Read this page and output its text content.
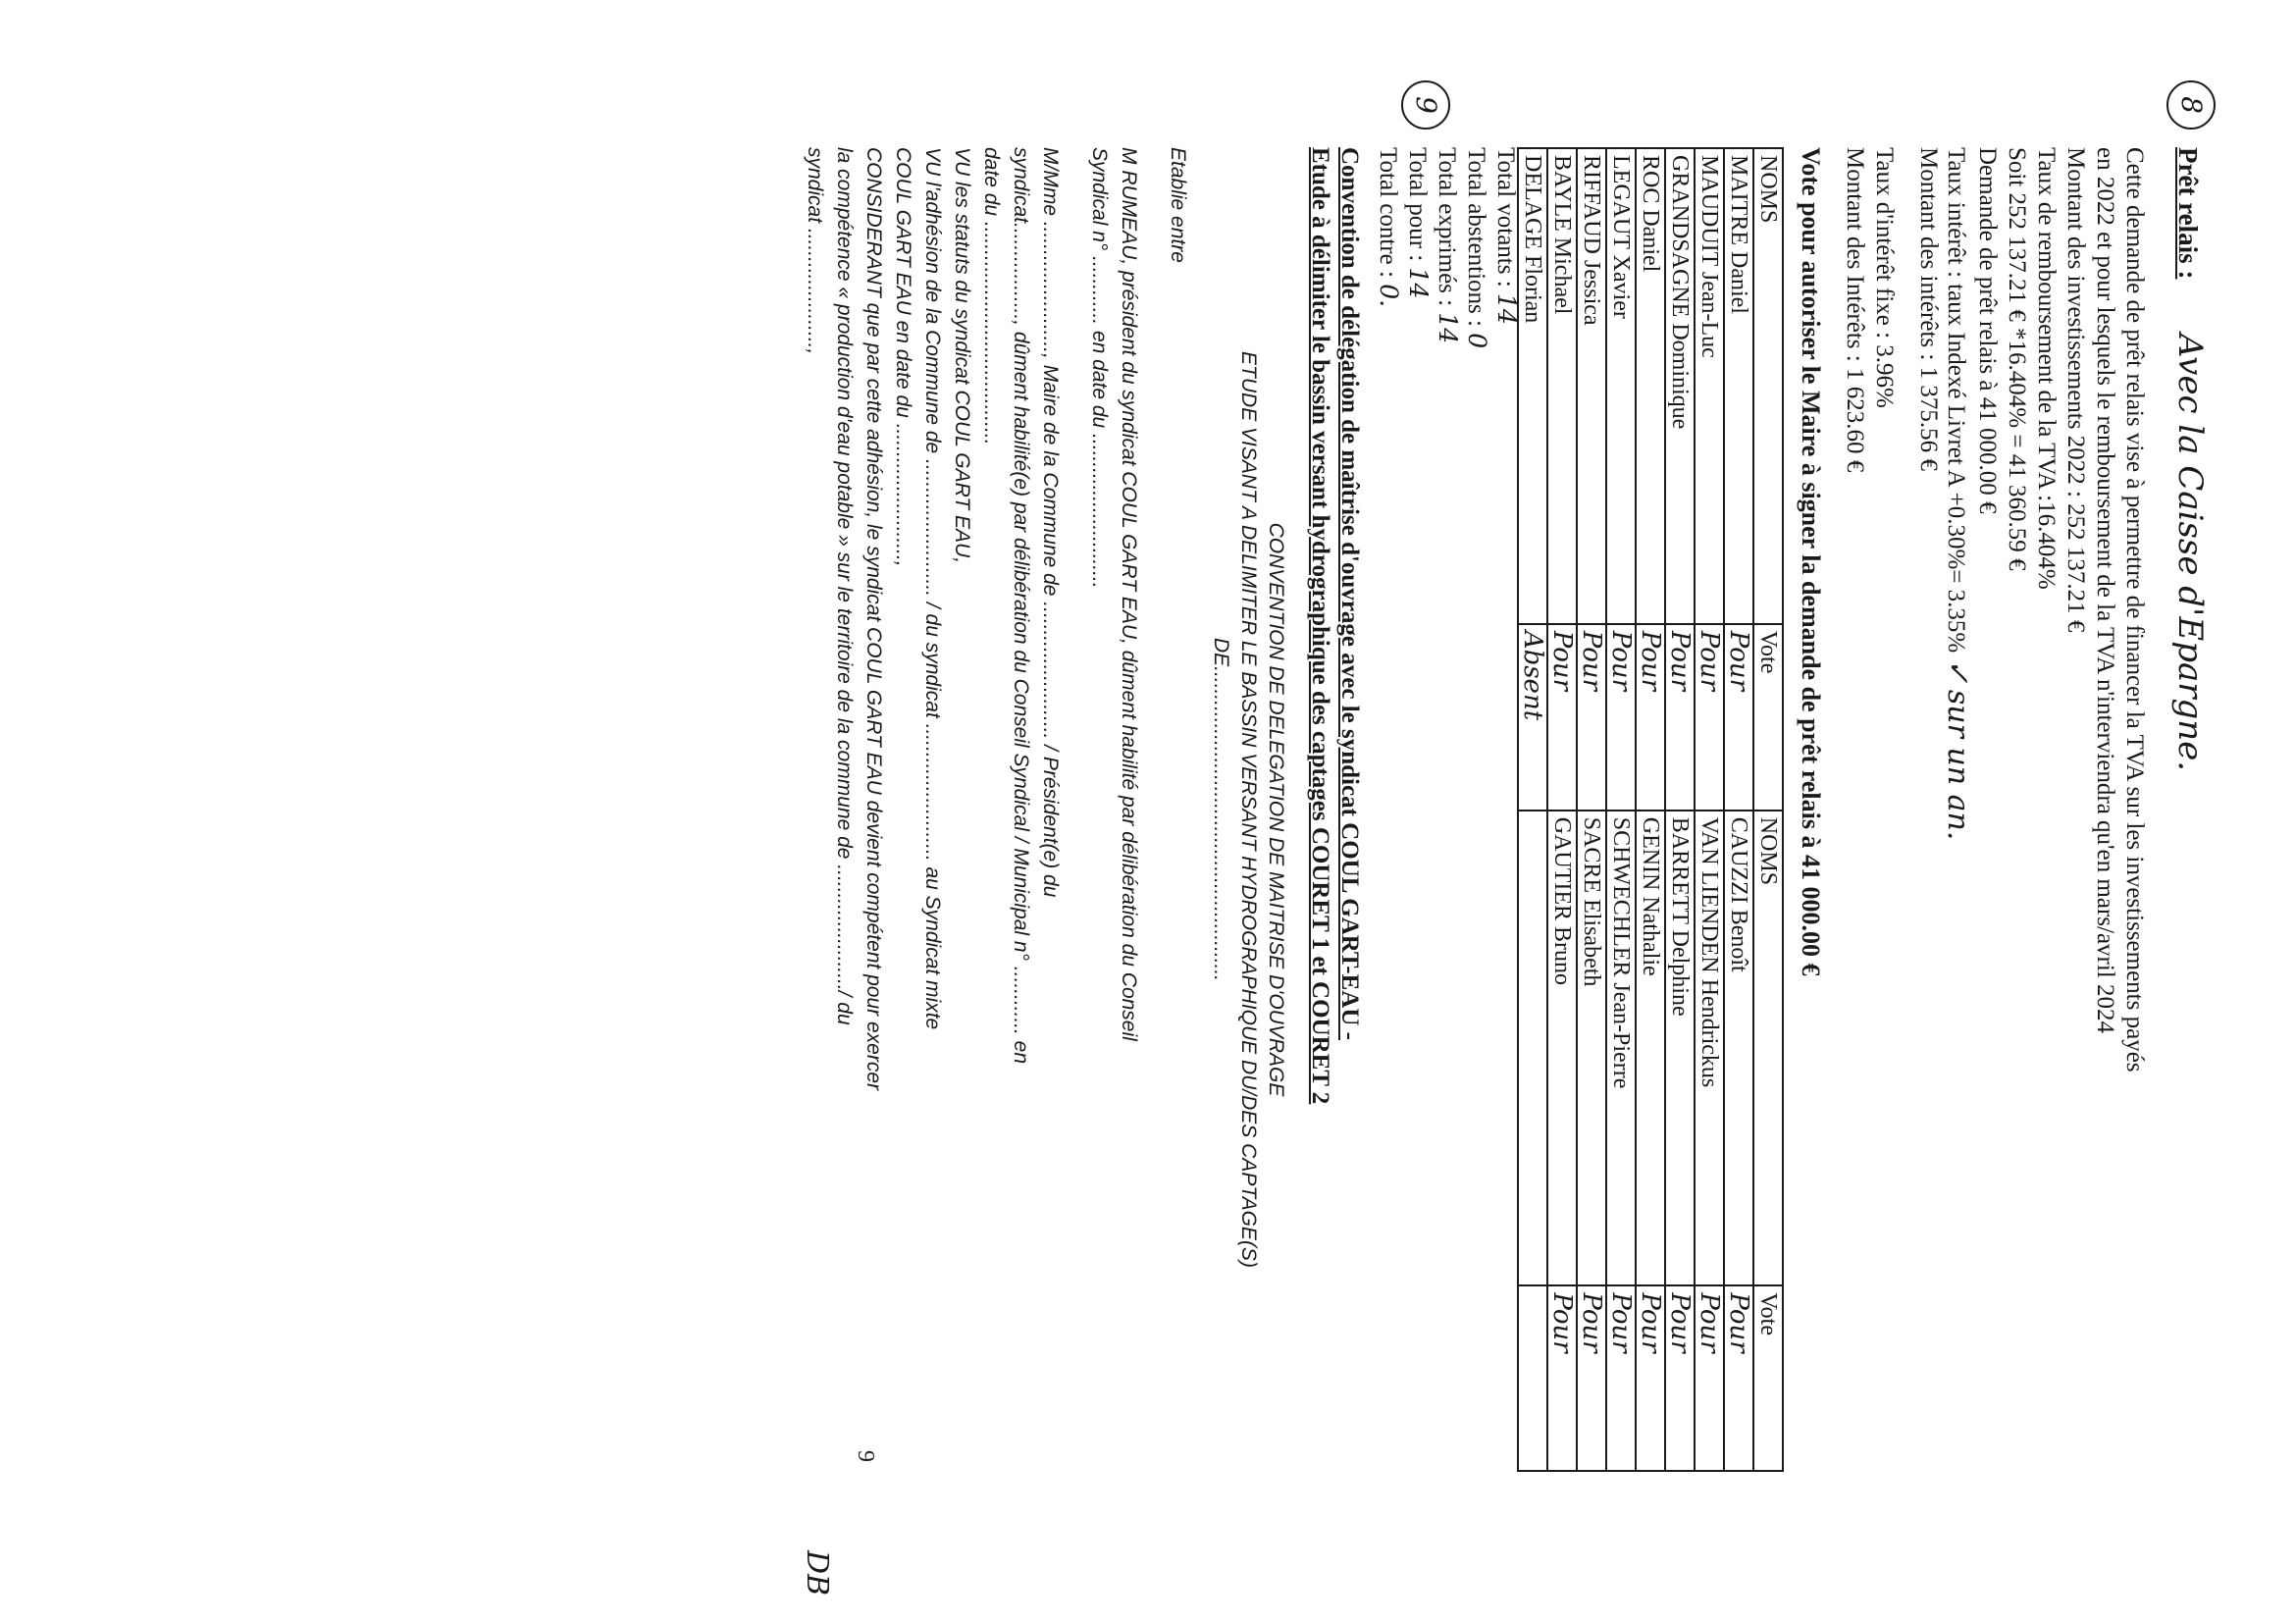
8
Prêt relais :
Avec la Caisse d'Epargne.
Cette demande de prêt relais vise à permettre de financer la TVA sur les investissements payés
en 2022 et pour lesquels le remboursement de la TVA n'interviendra qu'en mars/avril 2024
Montant des investissements 2022 : 252 137.21 €
Taux de remboursement de la TVA :16.404%
Soit 252 137.21 € *16.404% = 41 360.59 €
Demande de prêt relais à 41 000.00 €
Taux intérêt : taux Indexé Livret A +0.30%= 3.35% ✓ sur un an.
Montant des intérêts : 1 375.56 €
Taux d'intérêt fixe : 3.96%
Montant des Intérêts : 1 623.60 €
Vote pour autoriser le Maire à signer la demande de prêt relais à 41 000.00 €
NOMS	Vote	NOMS	Vote
MAITRE Daniel	Pour	CAUZZI Benoît	Pour
MAUDUIT Jean-Luc	Pour	VAN LIENDEN Hendrickus	Pour
GRANDSAGNE Dominique	Pour	BARRETT Delphine	Pour
ROC Daniel	Pour	GENIN Nathalie	Pour
LEGAUT Xavier	Pour	SCHWECHLER Jean-Pierre	Pour
RIFFAUD Jessica	Pour	SACRE Elisabeth	Pour
BAYLE Michael	Pour	GAUTIER Bruno	Pour
DELAGE Florian	Absent		
Total votants : 14
Total abstentions : 0
Total exprimés : 14
Total pour : 14
Total contre : 0.
9
Convention de délégation de maîtrise d'ouvrage avec le syndicat COUL GART-EAU -
Etude à délimiter le bassin versant hydrographique des captages COURET 1 et COURET 2
CONVENTION DE DELEGATION DE MAITRISE D'OUVRAGE
ETUDE VISANT A DELIMITER LE BASSIN VERSANT HYDROGRAPHIQUE DU/DES CAPTAGE(S)
DE.......................................................
Etablie entre
M RUMEAU, président du syndicat COUL GART EAU, dûment habilité par délibération du Conseil
Syndical n° ............ en date du ...........................
M/Mme ......................., Maire de la Commune de ........................ / Président(e) du
syndicat................., dûment habilité(e) par délibération du Conseil Syndical / Municipal n° ............ en
date du .......................................
VU les statuts du syndicat COUL GART EAU,
VU l'adhésion de la Commune de ........................ / du syndicat ........................ au Syndicat mixte
COUL GART EAU en date du ........................,
CONSIDERANT que par cette adhésion, le syndicat COUL GART EAU devient compétent pour exercer
la compétence « production d'eau potable » sur le territoire de la commune de ....................../ du
syndicat .....................,
9
DB
